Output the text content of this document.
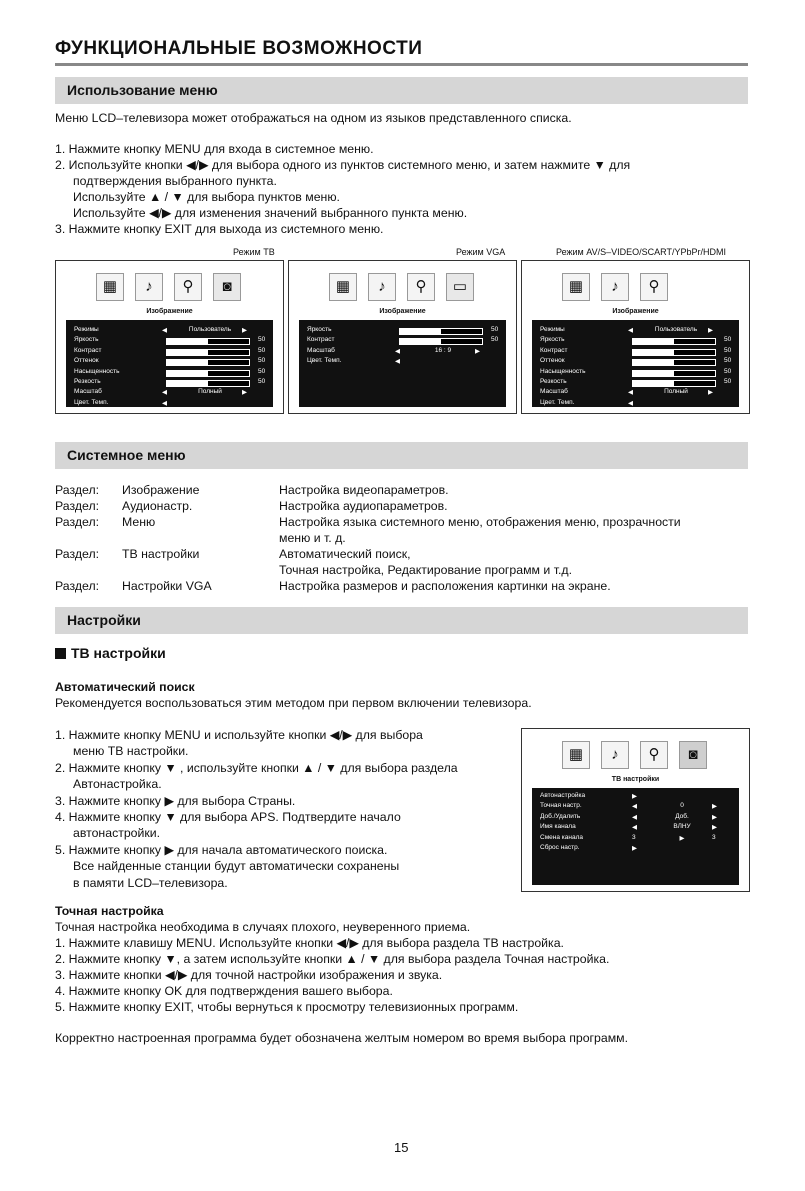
ФУНКЦИОНАЛЬНЫЕ ВОЗМОЖНОСТИ
Использование меню
Меню LCD–телевизора может отображаться на одном из языков представленного списка.
1. Нажмите кнопку MENU для входа в системное меню.
2. Используйте кнопки ◀/▶ для выбора одного из пунктов системного меню, и затем нажмите ▼ для
подтверждения выбранного пункта.
Используйте ▲ / ▼ для выбора пунктов меню.
Используйте ◀/▶ для изменения значений выбранного пункта меню.
3. Нажмите кнопку EXIT для выхода из системного меню.
Режим ТВ	Режим VGA	Режим AV/S–VIDEO/SCART/YPbPr/HDMI
▦	♪	⚲	◙
Изображение
Режимы	◀	Пользователь	▶
Яркость	50
Контраст	50
Оттенок	50
Насыщенность	50
Резкость	50
Масштаб	◀	Полный	▶
Цвет. Темп.	◀
▦	♪	⚲	▭
Изображение
Яркость	50
Контраст	50
Масштаб	◀	16 : 9	▶
Цвет. Темп.	◀
▦	♪	⚲
Изображение
Режимы	◀	Пользователь	▶
Яркость	50
Контраст	50
Оттенок	50
Насыщенность	50
Резкость	50
Масштаб	◀	Полный	▶
Цвет. Темп.	◀
Системное меню
Раздел: Изображение	Настройка видеопараметров.
Раздел: Аудионастр.	Настройка аудиопараметров.
Раздел: Меню	Настройка языка системного меню, отображения меню, прозрачности
меню и т. д.
Раздел: ТВ настройки	Автоматический поиск,
Точная настройка, Редактирование программ и т.д.
Раздел: Настройки VGA	Настройка размеров и расположения картинки на экране.
Настройки
ТВ настройки
Автоматический поиск
Рекомендуется воспользоваться этим методом при первом включении телевизора.
1. Нажмите кнопку MENU и используйте кнопки ◀/▶ для выбора
меню ТВ настройки.
2. Нажмите кнопку ▼ , используйте кнопки ▲ / ▼ для выбора раздела
Автонастройка.
3. Нажмите кнопку ▶ для выбора Страны.
4. Нажмите кнопку ▼ для выбора APS. Подтвердите начало
автонастройки.
5. Нажмите кнопку ▶ для начала автоматического поиска.
Все найденные станции будут автоматически сохранены
в памяти LCD–телевизора.
▦	♪	⚲	◙
ТВ настройки
Автонастройка	▶
Точная настр.	◀	0	▶
Доб./Удалить	◀	Доб.	▶
Имя канала	◀	ВЛНУ	▶
Смена канала	3	▶	3
Сброс настр.	▶
Точная настройка
Точная настройка необходима в случаях плохого, неуверенного приема.
1. Нажмите клавишу MENU. Используйте кнопки ◀/▶ для выбора раздела ТВ настройка.
2. Нажмите кнопку ▼, а затем используйте кнопки ▲ / ▼ для выбора раздела Точная настройка.
3. Нажмите кнопки ◀/▶ для точной настройки изображения и звука.
4. Нажмите кнопку OK для подтверждения вашего выбора.
5. Нажмите кнопку EXIT, чтобы вернуться к просмотру телевизионных программ.
Корректно настроенная программа будет обозначена желтым номером во время выбора программ.
15
